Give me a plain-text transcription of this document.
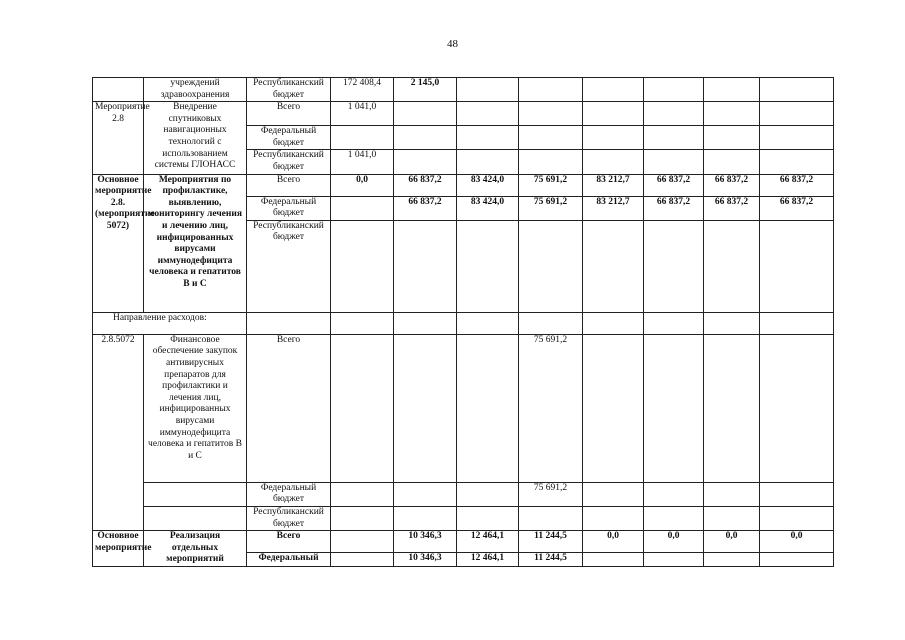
48
	учреждений здравоохранения	Республиканский бюджет	172 408,4	2 145,0						
Мероприятие 2.8	Внедрение спутниковых навигационных технологий с использованием системы ГЛОНАСС	Всего	1 041,0							
		Федеральный бюджет								
		Республиканский бюджет	1 041,0							
Основное мероприятие 2.8. (мероприятие 5072)	Мероприятия по профилактике, выявлению, мониторингу лечения и лечению лиц, инфицированных вирусами иммунодефицита человека и гепатитов В и С	Всего	0,0	66 837,2	83 424,0	75 691,2	83 212,7	66 837,2	66 837,2	66 837,2
		Федеральный бюджет		66 837,2	83 424,0	75 691,2	83 212,7	66 837,2	66 837,2	66 837,2
		Республиканский бюджет								
Направление расходов:										
2.8.5072	Финансовое обеспечение закупок антивирусных препаратов для профилактики и лечения лиц, инфицированных вирусами иммунодефицита человека и гепатитов В и С	Всего				75 691,2				
		Федеральный бюджет				75 691,2				
		Республиканский бюджет								
Основное мероприятие	Реализация отдельных мероприятий	Всего		10 346,3	12 464,1	11 244,5	0,0	0,0	0,0	0,0
		Федеральный		10 346,3	12 464,1	11 244,5				
